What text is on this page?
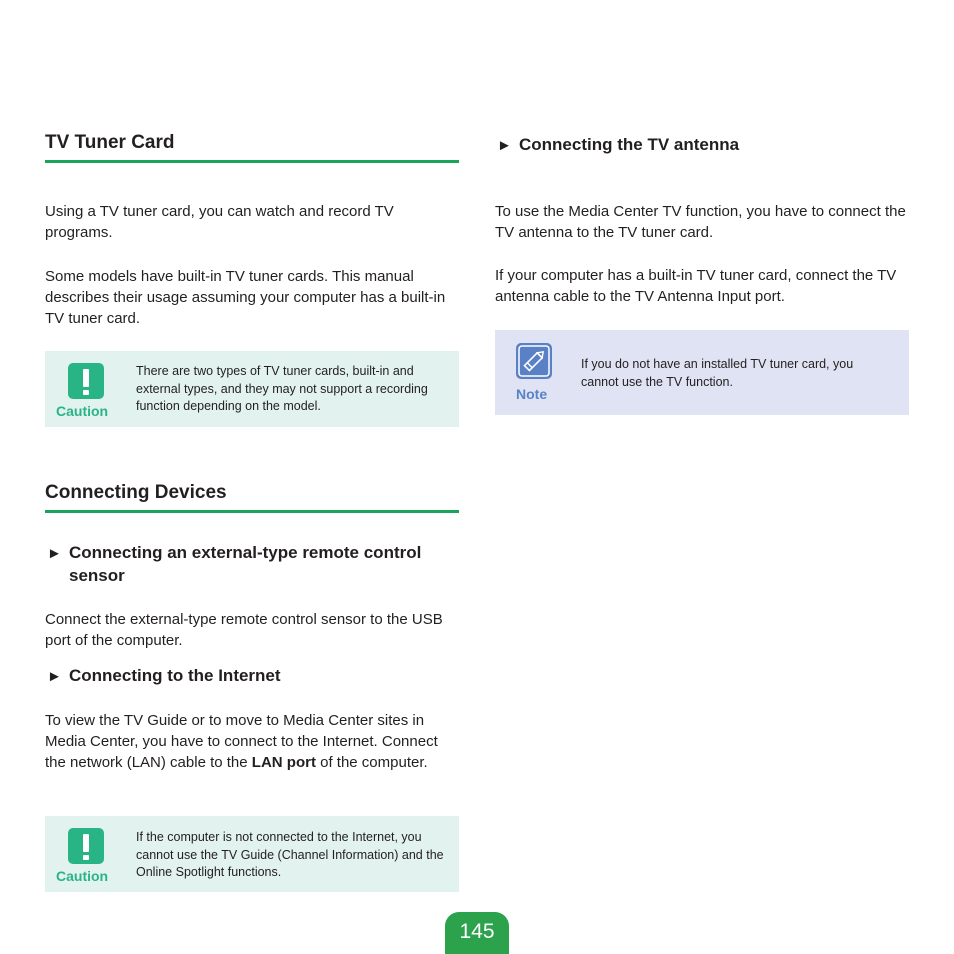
TV Tuner Card

Using a TV tuner card, you can watch and record TV programs.

Some models have built-in TV tuner cards. This manual describes their usage assuming your computer has a built-in TV tuner card.

Caution
There are two types of TV tuner cards, built-in and external types, and they may not support a recording function depending on the model.
Connecting Devices
► Connecting an external-type remote control sensor

Connect the external-type remote control sensor to the USB port of the computer.

► Connecting to the Internet

To view the TV Guide or to move to Media Center sites in Media Center, you have to connect to the Internet. Connect the network (LAN) cable to the LAN port of the computer.

Caution
If the computer is not connected to the Internet, you cannot use the TV Guide (Channel Information) and the Online Spotlight functions.
► Connecting the TV antenna

To use the Media Center TV function, you have to connect the TV antenna to the TV tuner card.

If your computer has a built-in TV tuner card, connect the TV antenna cable to the TV Antenna Input port.

Note
If you do not have an installed TV tuner card, you cannot use the TV function.
145
